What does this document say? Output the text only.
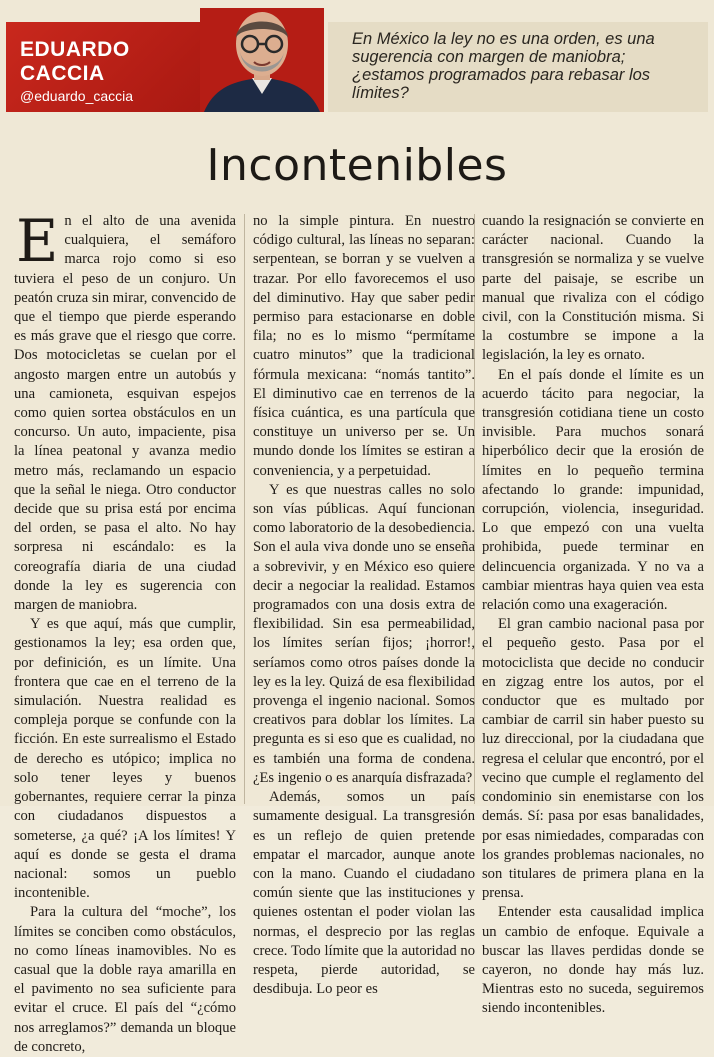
EDUARDO
CACCIA
@eduardo_caccia
En México la ley no es una orden, es una sugerencia con margen de maniobra; ¿estamos programados para rebasar los límites?
Incontenibles

En el alto de una avenida cualquiera, el semáforo marca rojo como si eso tuviera el peso de un conjuro. Un peatón cruza sin mirar, convencido de que el tiempo que pierde esperando es más grave que el riesgo que corre. Dos motocicletas se cuelan por el angosto margen entre un autobús y una camioneta, esquivan espejos como quien sortea obstáculos en un concurso. Un auto, impaciente, pisa la línea peatonal y avanza medio metro más, reclamando un espacio que la señal le niega. Otro conductor decide que su prisa está por encima del orden, se pasa el alto. No hay sorpresa ni escándalo: es la coreografía diaria de una ciudad donde la ley es sugerencia con margen de maniobra.

Y es que aquí, más que cumplir, gestionamos la ley; esa orden que, por definición, es un límite. Una frontera que cae en el terreno de la simulación. Nuestra realidad es compleja porque se confunde con la ficción. En este surrealismo el Estado de derecho es utópico; implica no solo tener leyes y buenos gobernantes, requiere cerrar la pinza con ciudadanos dispuestos a someterse, ¿a qué? ¡A los límites! Y aquí es donde se gesta el drama nacional: somos un pueblo incontenible.

Para la cultura del “moche”, los límites se conciben como obstáculos, no como líneas inamovibles. No es casual que la doble raya amarilla en el pavimento no sea suficiente para evitar el cruce. El país del “¿cómo nos arreglamos?” demanda un bloque de concreto,

no la simple pintura. En nuestro código cultural, las líneas no separan: serpentean, se borran y se vuelven a trazar. Por ello favorecemos el uso del diminutivo. Hay que saber pedir permiso para estacionarse en doble fila; no es lo mismo “permítame cuatro minutos” que la tradicional fórmula mexicana: “nomás tantito”. El diminutivo cae en terrenos de la física cuántica, es una partícula que constituye un universo per se. Un mundo donde los límites se estiran a conveniencia, y a perpetuidad.

Y es que nuestras calles no solo son vías públicas. Aquí funcionan como laboratorio de la desobediencia. Son el aula viva donde uno se enseña a sobrevivir, y en México eso quiere decir a negociar la realidad. Estamos programados con una dosis extra de flexibilidad. Sin esa permeabilidad, los límites serían fijos; ¡horror!, seríamos como otros países donde la ley es la ley. Quizá de esa flexibilidad provenga el ingenio nacional. Somos creativos para doblar los límites. La pregunta es si eso que es cualidad, no es también una forma de condena. ¿Es ingenio o es anarquía disfrazada?

Además, somos un país sumamente desigual. La transgresión es un reflejo de quien pretende empatar el marcador, aunque anote con la mano. Cuando el ciudadano común siente que las instituciones y quienes ostentan el poder violan las normas, el desprecio por las reglas crece. Todo límite que la autoridad no respeta, pierde autoridad, se desdibuja. Lo peor es

cuando la resignación se convierte en carácter nacional. Cuando la transgresión se normaliza y se vuelve parte del paisaje, se escribe un manual que rivaliza con el código civil, con la Constitución misma. Si la costumbre se impone a la legislación, la ley es ornato.

En el país donde el límite es un acuerdo tácito para negociar, la transgresión cotidiana tiene un costo invisible. Para muchos sonará hiperbólico decir que la erosión de límites en lo pequeño termina afectando lo grande: impunidad, corrupción, violencia, inseguridad. Lo que empezó con una vuelta prohibida, puede terminar en delincuencia organizada. Y no va a cambiar mientras haya quien vea esta relación como una exageración.

El gran cambio nacional pasa por el pequeño gesto. Pasa por el motociclista que decide no conducir en zigzag entre los autos, por el conductor que es multado por cambiar de carril sin haber puesto su luz direccional, por la ciudadana que regresa el celular que encontró, por el vecino que cumple el reglamento del condominio sin enemistarse con los demás. Sí: pasa por esas banalidades, por esas nimiedades, comparadas con los grandes problemas nacionales, no son titulares de primera plana en la prensa.

Entender esta causalidad implica un cambio de enfoque. Equivale a buscar las llaves perdidas donde se cayeron, no donde hay más luz. Mientras esto no suceda, seguiremos siendo incontenibles.
